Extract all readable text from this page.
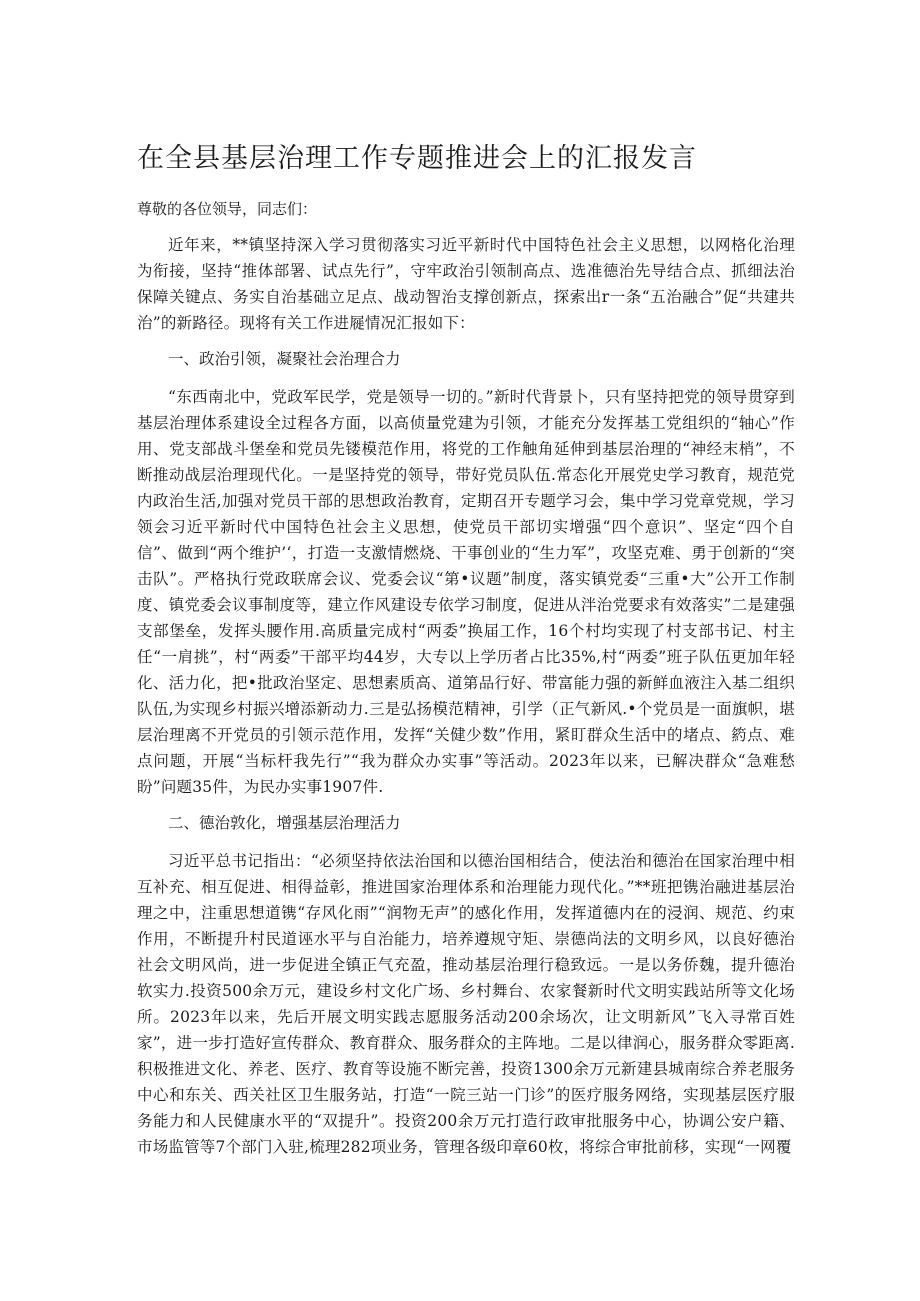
在全县基层治理工作专题推进会上的汇报发言

尊敬的各位领导，同志们：

近年来，**镇坚持深入学习贯彻落实习近平新时代中国特色社会主义思想，以网格化治理为衔接，坚持“推体部署、试点先行”，守牢政治引领制高点、选准德治先导结合点、抓细法治保障关键点、务实自治基础立足点、战动智治支撑创新点，探索出r一条“五治融合”促“共建共治”的新路径。现将有关工作进屣情况汇报如下：

一、政治引领，凝聚社会治理合力

“东西南北中，党政军民学，党是领导一切的。”新时代背景卜，只有坚持把党的领导贯穿到基层治理体系建设全过程各方面，以高侦量党建为引领，才能充分发挥基工党组织的“轴心”作用、党支部战斗堡垒和党员先镂模范作用，将党的工作触角延伸到基层治理的“神经末梢”，不断推动战层治理现代化。一是坚持党的领导，带好党员队伍.常态化开展党史学习教育，规范党内政治生活,加强对党员干部的思想政治教育，定期召开专题学习会，集中学习党章党规，学习领会习近平新时代中国特色社会主义思想，使党员干部切实增强“四个意识”、坚定“四个自信”、做到“两个维护’‘，打造一支激情燃烧、干事创业的“生力军”，攻坚克难、勇于创新的“突击队”。严格执行党政联席会议、党委会议“第•议题”制度，落实镇党委“三重•大”公开工作制度、镇党委会议事制度等，建立作风建设专依学习制度，促进从泮治党要求有效落实”二是建强支部堡垒，发挥头腰作用.高质量完成村“两委”换届工作，16个村均实现了村支部书记、村主任“一肩挑”，村“两委”干部平均44岁，大专以上学历者占比35%,村“两委”班子队伍更加年轻化、活力化，把•批政治坚定、思想素质高、道第品行好、带富能力强的新鲜血液注入基二组织队伍,为实现乡村振兴增添新动力.三是弘扬模范精神，引学（正气新风.•个党员是一面旗帜，堪层治理离不开党员的引领示范作用，发挥“关健少数”作用，紧盯群众生活中的堵点、箹点、难点问题，开展“当标杆我先行”“我为群众办实事”等活动。2023年以来，已解决群众“急难愁盼”问题35件，为民办实事1907件.

二、德治敦化，增强基层治理活力

习近平总书记指出：“必须坚持依法治国和以德治国相结合，使法治和德治在国家治理中相互补充、相互促进、相得益彰，推进国家治理体系和治理能力现代化。”**班把镌治融进基层治理之中，注重思想道镌“存风化雨”“润物无声”的感化作用，发挥道德内在的浸润、规范、约束作用，不断提升村民道诬水平与自治能力，培养遵规守矩、崇德尚法的文明乡风，以良好德治社会文明风尚，进一步促进全镇正气充盈，推动基层治理行稳致远。一是以务侨魏，提升德治软实力.投资500余万元，建设乡村文化广场、乡村舞台、农家餐新时代文明实践站所等文化场所。2023年以来，先后开展文明实践志愿服务活动200余场次，让文明新风”飞入寻常百姓家”，进一步打造好宣传群众、教育群众、服务群众的主阵地。二是以律润心，服务群众零距离.积极推进文化、养老、医疗、教育等设施不断完善，投资1300余万元新建县城南综合养老服务中心和东关、西关社区卫生服务站，打造“一院三站一门诊”的医疗服务网络，实现基层医疗服务能力和人民健康水平的“双提升”。投资200余万元打造行政审批服务中心，协调公安户籍、市场监管等7个部门入驻,梳理282项业务，管理各级印章60枚，将综合审批前移，实现“一网覆
